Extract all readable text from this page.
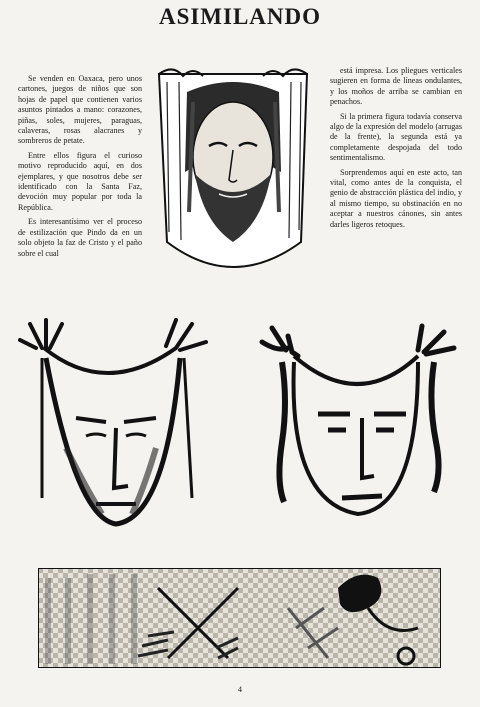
ASIMILANDO

Se venden en Oaxaca, pero unos cartones, juegos de niños que son hojas de papel que contienen varios asuntos pintados a mano: corazones, piñas, soles, mujeres, paraguas, calaveras, rosas alacranes y sombreros de petate.

Entre ellos figura el curioso motivo reproducido aquí, en dos ejemplares, y que nosotros debe ser identificado con la Santa Faz, devoción muy popular por toda la República.

Es interesantísimo ver el proceso de estilización que Pindo da en un solo objeto la faz de Cristo y el paño sobre el cual

está impresa. Los pliegues verticales sugieren en forma de líneas ondulantes, y los moños de arriba se cambian en penachos.

Si la primera figura todavía conserva algo de la expresión del modelo (arrugas de la frente), la segunda está ya completamente despojada del todo sentimentalismo.

Sorprendemos aquí en este acto, tan vital, como antes de la conquista, el genio de abstracción plástica del indio, y al mismo tiempo, su obstinación en no aceptar a nuestros cánones, sin antes darles ligeros retoques.

4
